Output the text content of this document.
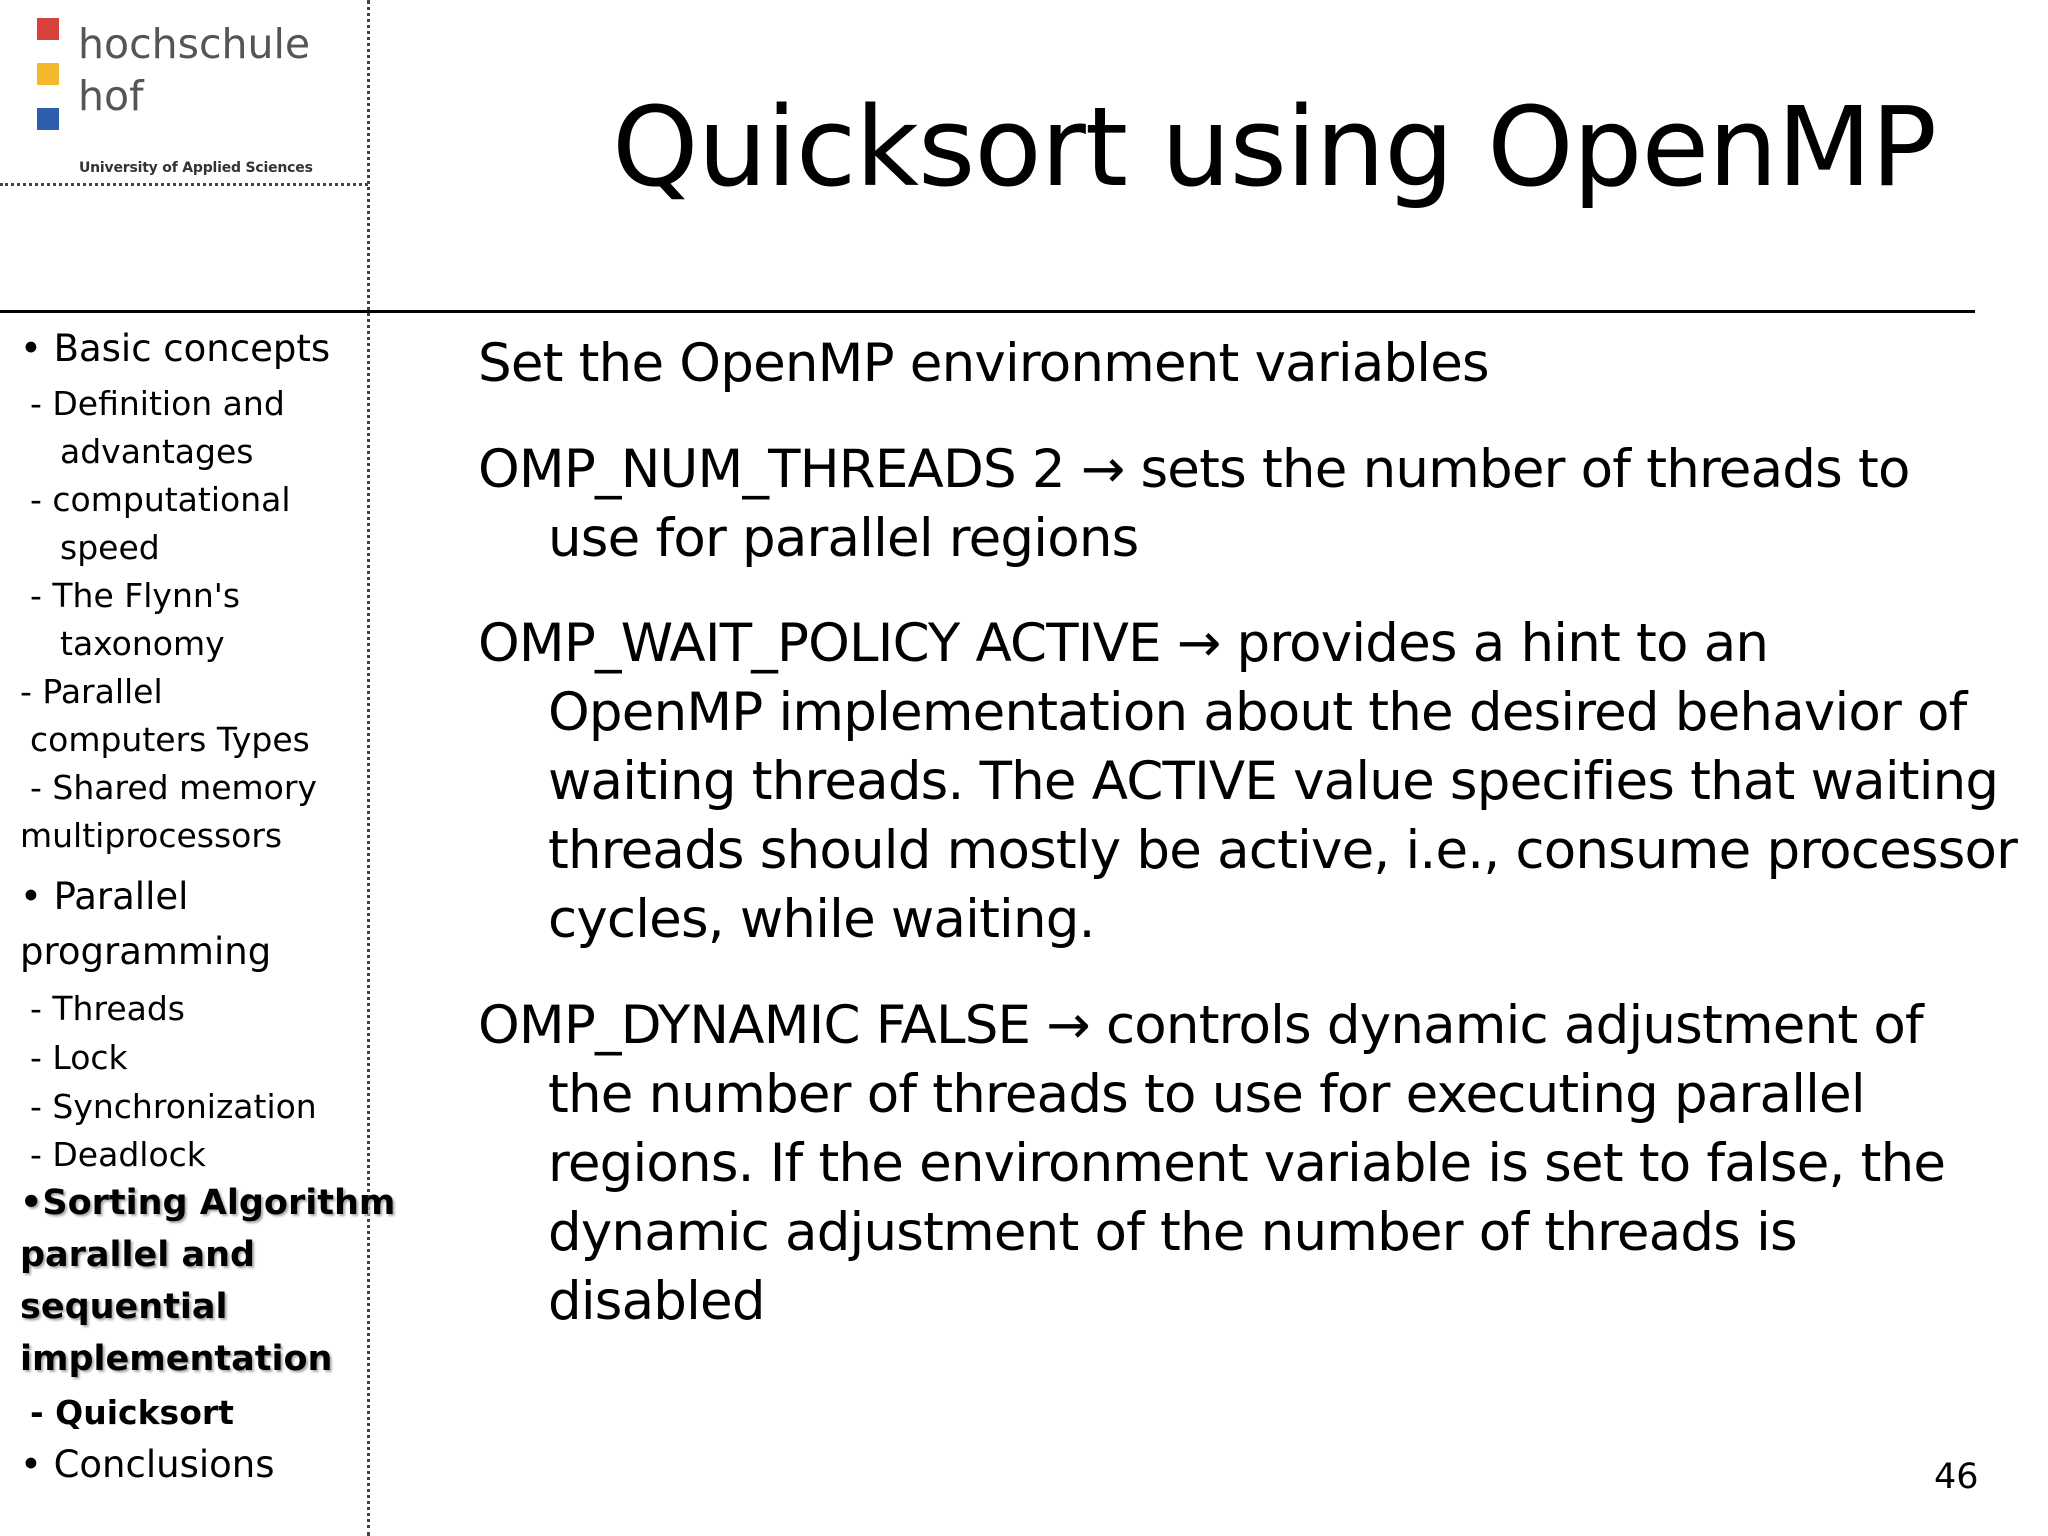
hochschule
hof
University of Applied Sciences	Quicksort using OpenMP
• Basic concepts
- Definition and
advantages
- computational
speed
- The Flynn's
taxonomy
- Parallel
computers Types
- Shared memory
multiprocessors
• Parallel
programming
- Threads
- Lock
- Synchronization
- Deadlock
•Sorting Algorithm
parallel and
sequential
implementation
- Quicksort
• Conclusions
Set the OpenMP environment variables
OMP_NUM_THREADS 2 → sets the number of threads to
use for parallel regions
OMP_WAIT_POLICY ACTIVE → provides a hint to an
OpenMP implementation about the desired behavior of
waiting threads. The ACTIVE value specifies that waiting
threads should mostly be active, i.e., consume processor
cycles, while waiting.
OMP_DYNAMIC FALSE → controls dynamic adjustment of
the number of threads to use for executing parallel
regions. If the environment variable is set to false, the
dynamic adjustment of the number of threads is
disabled
46
